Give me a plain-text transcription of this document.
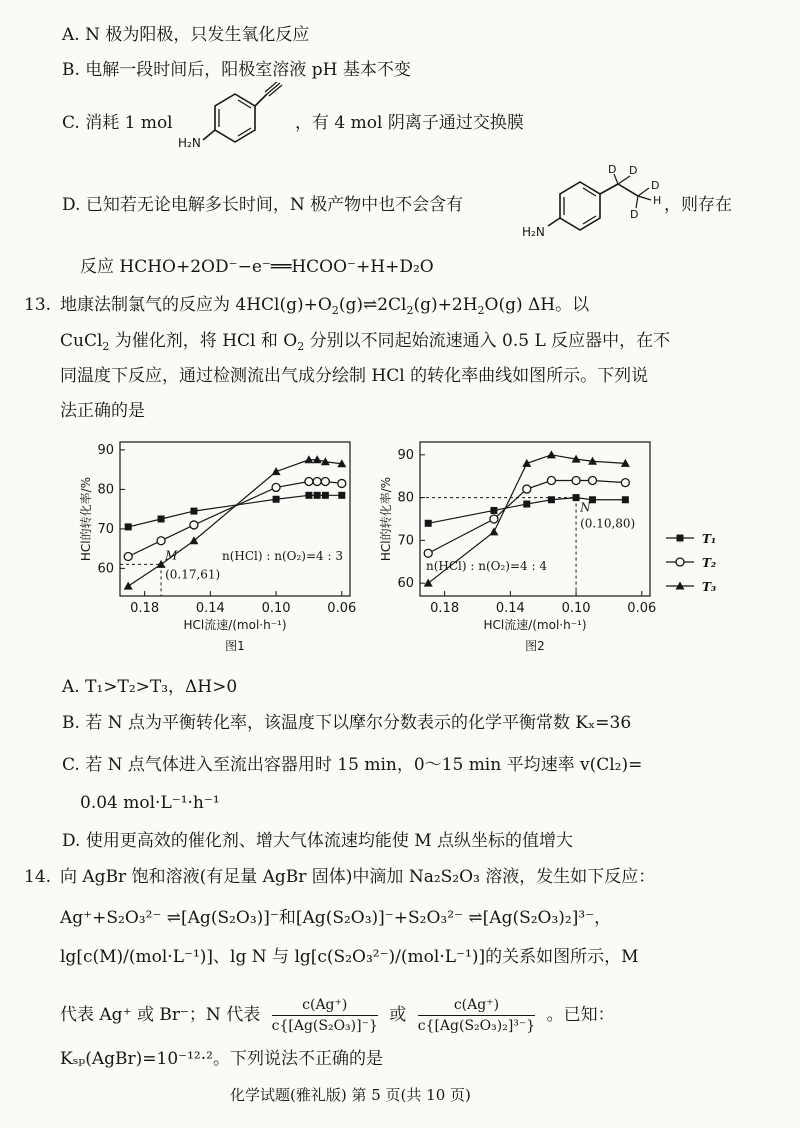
A. N 极为阳极，只发生氧化反应
B. 电解一段时间后，阳极室溶液 pH 基本不变
C. 消耗 1 mol
H₂N
，有 4 mol 阴离子通过交换膜
D. 已知若无论电解多长时间，N 极产物中也不会含有
D D
D
H
D
H₂N
，则存在
反应 HCHO+2OD⁻−e⁻══HCOO⁻+H+D₂O
13. 地康法制氯气的反应为 $4HCl(g)+O_2(g)\rightleftharpoons 2Cl_2(g)+2H_2O(g)$ ΔH。以
CuCl$_2$ 为催化剂，将 HCl 和 $O_2$ 分别以不同起始流速通入 0.5 L 反应器中，在不
同温度下反应，通过检测流出气成分绘制 HCl 的转化率曲线如图所示。下列说
法正确的是
60
70
80
90
0.18	0.14	0.10	0.06
HCl流速/(mol·h⁻¹)
HCl的转化率/%
图1
M
(0.17,61)
n(HCl) : n(O₂)=4 : 3
60
70
80
90
0.18	0.14	0.10	0.06
HCl流速/(mol·h⁻¹)
HCl的转化率/%
图2
N
(0.10,80)
n(HCl) : n(O₂)=4 : 4
T₁
T₂
T₃
A. T₁>T₂>T₃，ΔH>0
B. 若 N 点为平衡转化率，该温度下以摩尔分数表示的化学平衡常数 Kₓ=36
C. 若 N 点气体进入至流出容器用时 15 min，0～15 min 平均速率 v(Cl₂)=
0.04 mol·L⁻¹·h⁻¹
D. 使用更高效的催化剂、增大气体流速均能使 M 点纵坐标的值增大
14. 向 AgBr 饱和溶液(有足量 AgBr 固体)中滴加 Na₂S₂O₃ 溶液，发生如下反应：
Ag⁺+S₂O₃²⁻ ⇌[Ag(S₂O₃)]⁻和[Ag(S₂O₃)]⁻+S₂O₃²⁻ ⇌[Ag(S₂O₃)₂]³⁻，
lg[c(M)/(mol·L⁻¹)]、lg N 与 lg[c(S₂O₃²⁻)/(mol·L⁻¹)]的关系如图所示，M
代表 Ag⁺ 或 Br⁻；N 代表 $\frac{c(Ag^+)}{\text{c\{[Ag(S₂O₃)]⁻\}}}$ 或 $\frac{c(Ag^+)}{\text{c\{[Ag(S₂O₃)₂]³⁻\}}}$ 。已知：
Kₛₚ(AgBr)=10⁻¹²·²。下列说法不正确的是
化学试题(雅礼版) 第 5 页(共 10 页)
